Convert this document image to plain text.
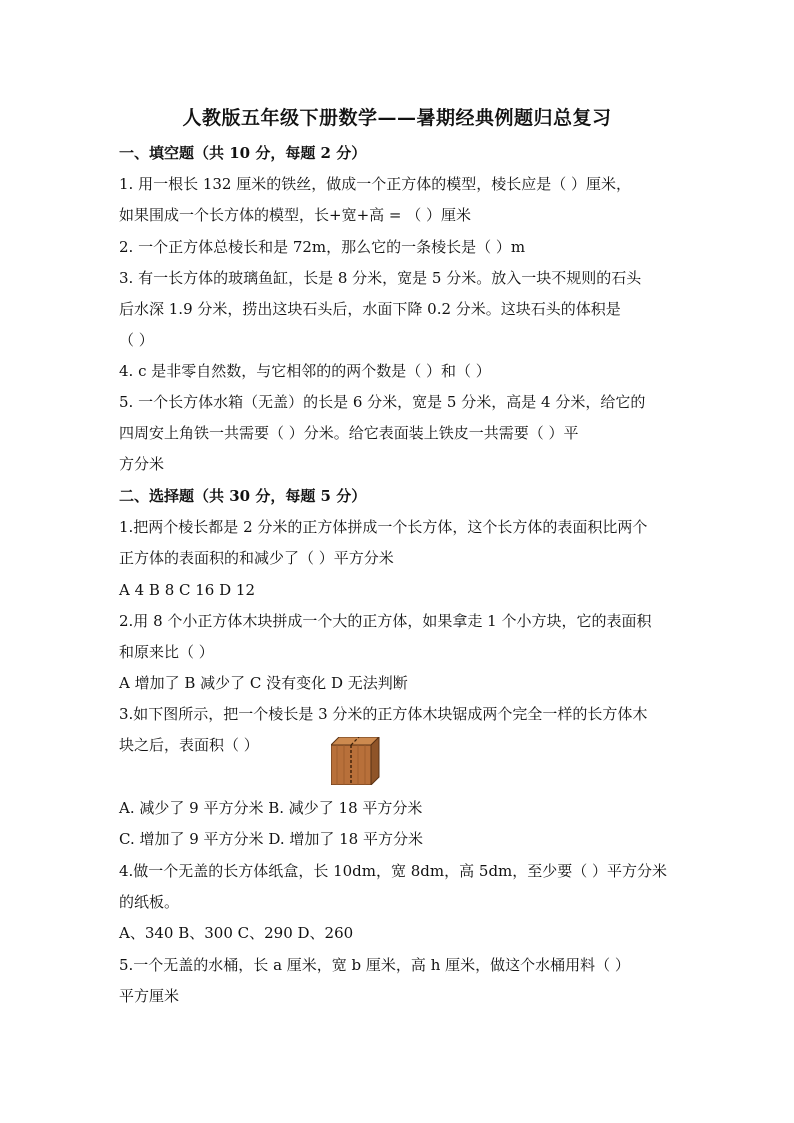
人教版五年级下册数学——暑期经典例题归总复习
一、填空题（共 10 分，每题 2 分）
1. 用一根长 132 厘米的铁丝，做成一个正方体的模型，棱长应是（ ）厘米，
如果围成一个长方体的模型，长+宽+高 = （ ）厘米
2. 一个正方体总棱长和是 72m，那么它的一条棱长是（ ）m
3. 有一长方体的玻璃鱼缸，长是 8 分米，宽是 5 分米。放入一块不规则的石头
后水深 1.9 分米，捞出这块石头后，水面下降 0.2 分米。这块石头的体积是
（ ）
4. c 是非零自然数，与它相邻的的两个数是（ ）和（ ）
5. 一个长方体水箱（无盖）的长是 6 分米，宽是 5 分米，高是 4 分米，给它的
四周安上角铁一共需要（ ）分米。给它表面装上铁皮一共需要（ ）平
方分米
二、选择题（共 30 分，每题 5 分）
1.把两个棱长都是 2 分米的正方体拼成一个长方体，这个长方体的表面积比两个
正方体的表面积的和减少了（ ）平方分米
A 4 B 8 C 16 D 12
2.用 8 个小正方体木块拼成一个大的正方体，如果拿走 1 个小方块，它的表面积
和原来比（ ）
A 增加了 B 减少了 C 没有变化 D 无法判断
3.如下图所示，把一个棱长是 3 分米的正方体木块锯成两个完全一样的长方体木
块之后，表面积（ ）
A. 减少了 9 平方分米 B. 减少了 18 平方分米
C. 增加了 9 平方分米 D. 增加了 18 平方分米
4.做一个无盖的长方体纸盒，长 10dm，宽 8dm，高 5dm，至少要（ ）平方分米
的纸板。
A、340 B、300 C、290 D、260
5.一个无盖的水桶，长 a 厘米，宽 b 厘米，高 h 厘米，做这个水桶用料（ ）
平方厘米
